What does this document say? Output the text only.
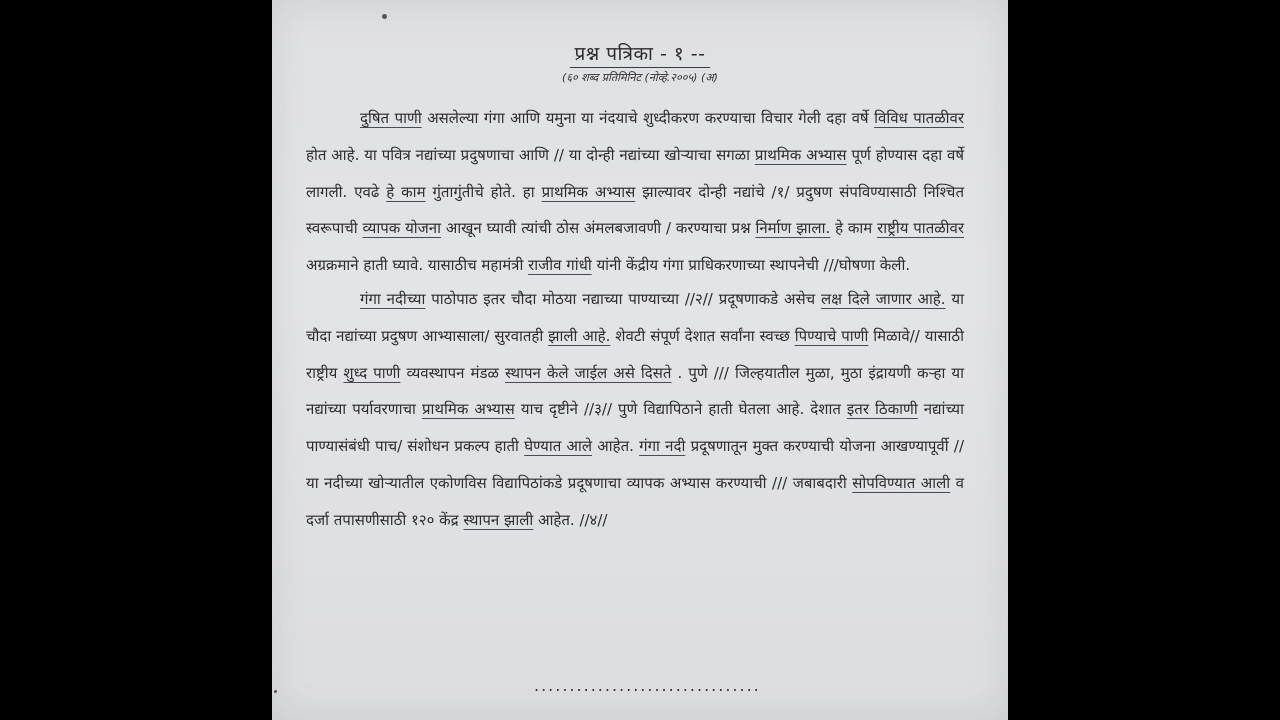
प्रश्न पत्रिका - १ --
(६० शब्द प्रतिमिनिट (नोव्हे.२००५) (अ)

दुषित पाणी असलेल्या गंगा आणि यमुना या नंदयाचे शुध्दीकरण करण्याचा विचार गेली दहा वर्षे विविध पातळीवर होत आहे. या पवित्र नद्यांच्या प्रदुषणाचा आणि // या दोन्ही नद्यांच्या खोऱ्याचा सगळा प्राथमिक अभ्यास पूर्ण होण्यास दहा वर्षे लागली. एवढे हे काम गुंतागुंतीचे होते. हा प्राथमिक अभ्यास झाल्यावर दोन्ही नद्यांचे /१/ प्रदुषण संपविण्यासाठी निश्चित स्वरूपाची व्यापक योजना आखून घ्यावी त्यांची ठोस अंमलबजावणी / करण्याचा प्रश्न निर्माण झाला. हे काम राष्ट्रीय पातळीवर अग्रक्रमाने हाती घ्यावे. यासाठीच महामंत्री राजीव गांधी यांनी केंद्रीय गंगा प्राधिकरणाच्या स्थापनेची ///घोषणा केली.

गंगा नदीच्या पाठोपाठ इतर चौदा मोठया नद्याच्या पाण्याच्या //२// प्रदूषणाकडे असेच लक्ष दिले जाणार आहे. या चौदा नद्यांच्या प्रदुषण आभ्यासाला/ सुरवातही झाली आहे. शेवटी संपूर्ण देशात सर्वांना स्वच्छ पिण्याचे पाणी मिळावे// यासाठी राष्ट्रीय शुध्द पाणी व्यवस्थापन मंडळ स्थापन केले जाईल असे दिसते . पुणे /// जिल्हयातील मुळा, मुठा इंद्रायणी कऱ्हा या नद्यांच्या पर्यावरणाचा प्राथमिक अभ्यास याच दृष्टीने //३// पुणे विद्यापिठाने हाती घेतला आहे. देशात इतर ठिकाणी नद्यांच्या पाण्यासंबंधी पाच/ संशोधन प्रकल्प हाती घेण्यात आले आहेत. गंगा नदी प्रदूषणातून मुक्त करण्याची योजना आखण्यापूर्वी // या नदीच्या खोऱ्यातील एकोणविस विद्यापिठांकडे प्रदूषणाचा व्यापक अभ्यास करण्याची /// जबाबदारी सोपविण्यात आली व दर्जा तपासणीसाठी १२० केंद्र स्थापन झाली आहेत. //४//

................................
